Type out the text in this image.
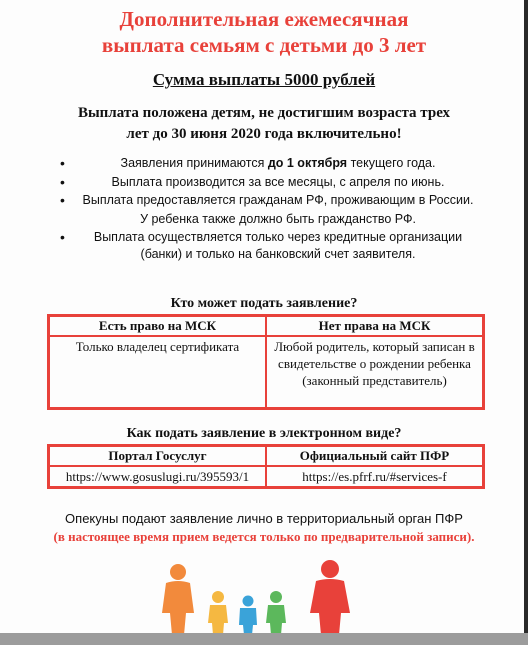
Дополнительная ежемесячная
выплата семьям с детьми до 3 лет
Сумма выплаты 5000 рублей
Выплата положена детям, не достигшим возраста трех
лет до 30 июня 2020 года включительно!
• Заявления принимаются до 1 октября текущего года.
• Выплата производится за все месяцы, с апреля по июнь.
• Выплата предоставляется гражданам РФ, проживающим в России.
У ребенка также должно быть гражданство РФ.
• Выплата осуществляется только через кредитные организации (банки) и только на банковский счет заявителя.
Кто может подать заявление?
Есть право на МСК	Нет права на МСК
Только владелец сертификата	Любой родитель, который записан в свидетельстве о рождении ребенка (законный представитель)
Как подать заявление в электронном виде?
Портал Госуслуг	Официальный сайт ПФР
https://www.gosuslugi.ru/395593/1	https://es.pfrf.ru/#services-f
Опекуны подают заявление лично в территориальный орган ПФР
(в настоящее время прием ведется только по предварительной записи).
